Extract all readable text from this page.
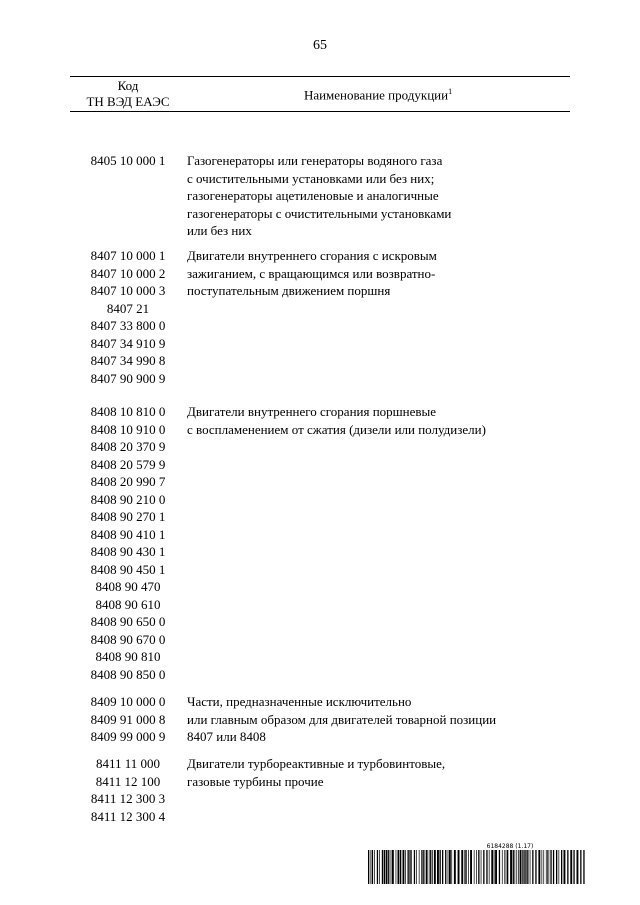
65
Код
ТН ВЭД ЕАЭС	Наименование продукции$^1$
8405 10 000 1	Газогенераторы или генераторы водяного газа
с очистительными установками или без них;
газогенераторы ацетиленовые и аналогичные
газогенераторы с очистительными установками
или без них
8407 10 000 1
8407 10 000 2
8407 10 000 3
8407 21
8407 33 800 0
8407 34 910 9
8407 34 990 8
8407 90 900 9
Двигатели внутреннего сгорания с искровым
зажиганием, с вращающимся или возвратно-
поступательным движением поршня
8408 10 810 0
8408 10 910 0
8408 20 370 9
8408 20 579 9
8408 20 990 7
8408 90 210 0
8408 90 270 1
8408 90 410 1
8408 90 430 1
8408 90 450 1
8408 90 470
8408 90 610
8408 90 650 0
8408 90 670 0
8408 90 810
8408 90 850 0
Двигатели внутреннего сгорания поршневые
с воспламенением от сжатия (дизели или полудизели)
8409 10 000 0
8409 91 000 8
8409 99 000 9
Части, предназначенные исключительно
или главным образом для двигателей товарной позиции
8407 или 8408
8411 11 000
8411 12 100
8411 12 300 3
8411 12 300 4
Двигатели турбореактивные и турбовинтовые,
газовые турбины прочие
6184288 (1.17)
